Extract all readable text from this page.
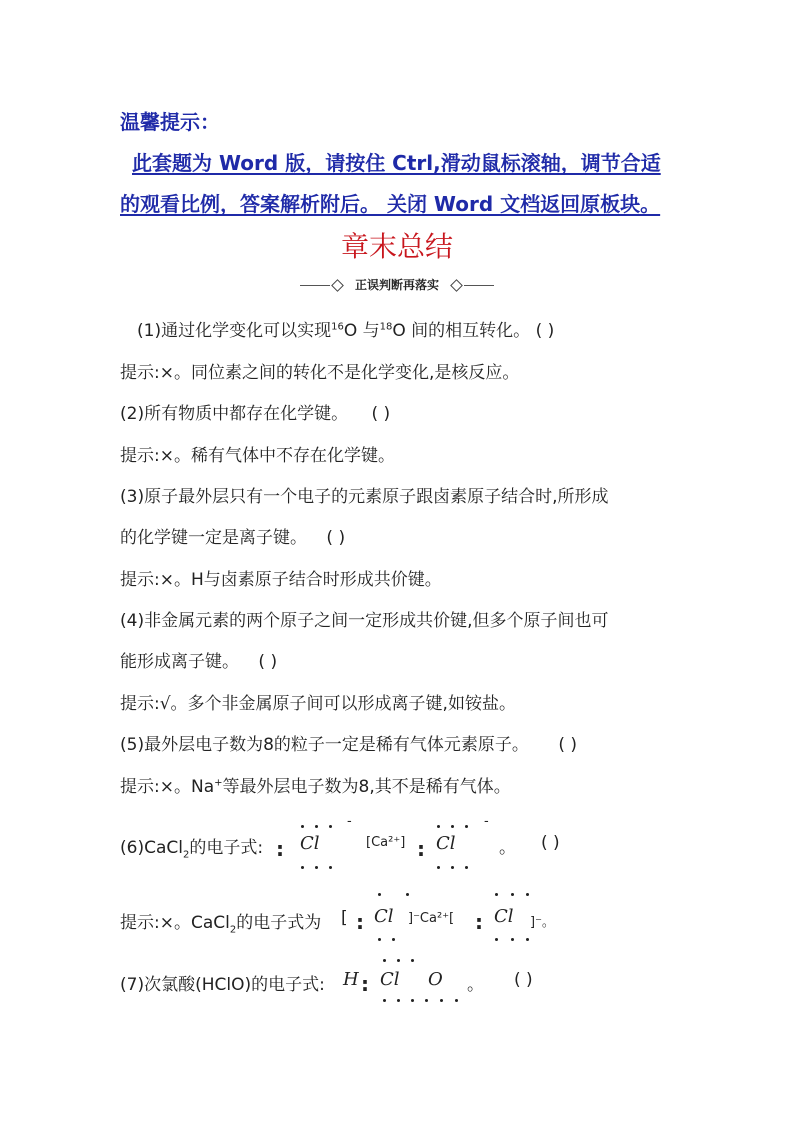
温馨提示：
此套题为 Word 版，请按住 Ctrl,滑动鼠标滚轴，调节合适
的观看比例，答案解析附后。 关闭 Word 文档返回原板块。
章末总结
正误判断再落实
(1)通过化学变化可以实现$^{16}$O 与$^{18}$O 间的相互转化。 ( )
提示:×。同位素之间的转化不是化学变化,是核反应。
(2)所有物质中都存在化学键。 ( )
提示:×。稀有气体中不存在化学键。
(3)原子最外层只有一个电子的元素原子跟卤素原子结合时,所形成
的化学键一定是离子键。 ( )
提示:×。H与卤素原子结合时形成共价键。
(4)非金属元素的两个原子之间一定形成共价键,但多个原子间也可
能形成离子键。 ( )
提示:√。多个非金属原子间可以形成离子键,如铵盐。
(5)最外层电子数为8的粒子一定是稀有气体元素原子。 ( )
提示:×。Na+等最外层电子数为8,其不是稀有气体。
(6)CaCl$_2$的电子式: : Cl
-
[Ca²⁺] : Cl
-
。 ( )
提示:×。CaCl$_2$的电子式为 [ : Cl ]⁻Ca²⁺[ : Cl ]⁻。
(7)次氯酸(HClO)的电子式: H : Cl O 。 ( )
